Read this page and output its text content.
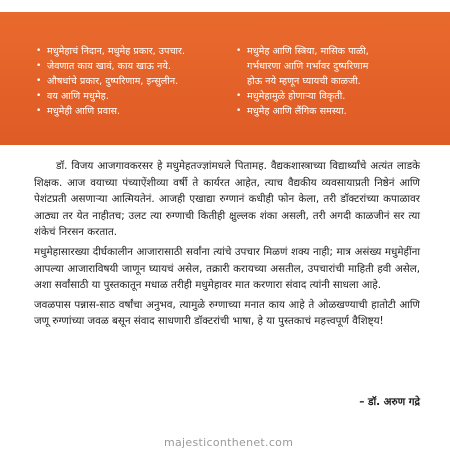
• मधुमेहाचं निदान, मधुमेह प्रकार, उपचार.
• जेवणात काय खावं, काय खाऊ नये.
• औषधांचे प्रकार, दुष्परिणाम, इन्सुलीन.
• वय आणि मधुमेह.
• मधुमेही आणि प्रवास.
• मधुमेह आणि स्त्रिया, मासिक पाळी,
गर्भधारणा आणि गर्भावर दुष्परिणाम
होऊ नये म्हणून घ्यायची काळजी.
• मधुमेहामुळे होणाऱ्या विकृती.
• मधुमेह आणि लैंगिक समस्या.

डॉ. विजय आजगावकरसर हे मधुमेहतज्ज्ञांमधले पितामह. वैद्यकशास्त्राच्या विद्यार्थ्यांचे अत्यंत लाडके शिक्षक. आज वयाच्या पंच्याऐंशीव्या वर्षी ते कार्यरत आहेत, त्याच वैद्यकीय व्यवसायाप्रती निष्ठेनं आणि पेशंटप्रती असणाऱ्या आत्मियतेनं. आजही एखाद्या रुग्णानं कधीही फोन केला, तरी डॉक्टरांच्या कपाळावर आठ्या तर येत नाहीतच; उलट त्या रुग्णाची कितीही क्षुल्लक शंका असली, तरी अगदी काळजीनं सर त्या शंकेचं निरसन करतात.

मधुमेहासारख्या दीर्घकालीन आजारासाठी सर्वांना त्यांचे उपचार मिळणं शक्य नाही; मात्र असंख्य मधुमेहींना आपल्या आजाराविषयी जाणून घ्यायचं असेल, तक्रारी करायच्या असतील, उपचारांची माहिती हवी असेल, अशा सर्वांसाठी या पुस्तकातून मधाळ तरीही मधुमेहावर मात करणारा संवाद त्यांनी साधला आहे.

जवळपास पन्नास-साठ वर्षांचा अनुभव, त्यामुळे रुग्णाच्या मनात काय आहे ते ओळखण्याची हातोटी आणि जणू रुग्णांच्या जवळ बसून संवाद साधणारी डॉक्टरांची भाषा, हे या पुस्तकाचं महत्त्वपूर्ण वैशिष्ट्य!

– डॉ. अरुण गद्रे
majesticonthenet.com
